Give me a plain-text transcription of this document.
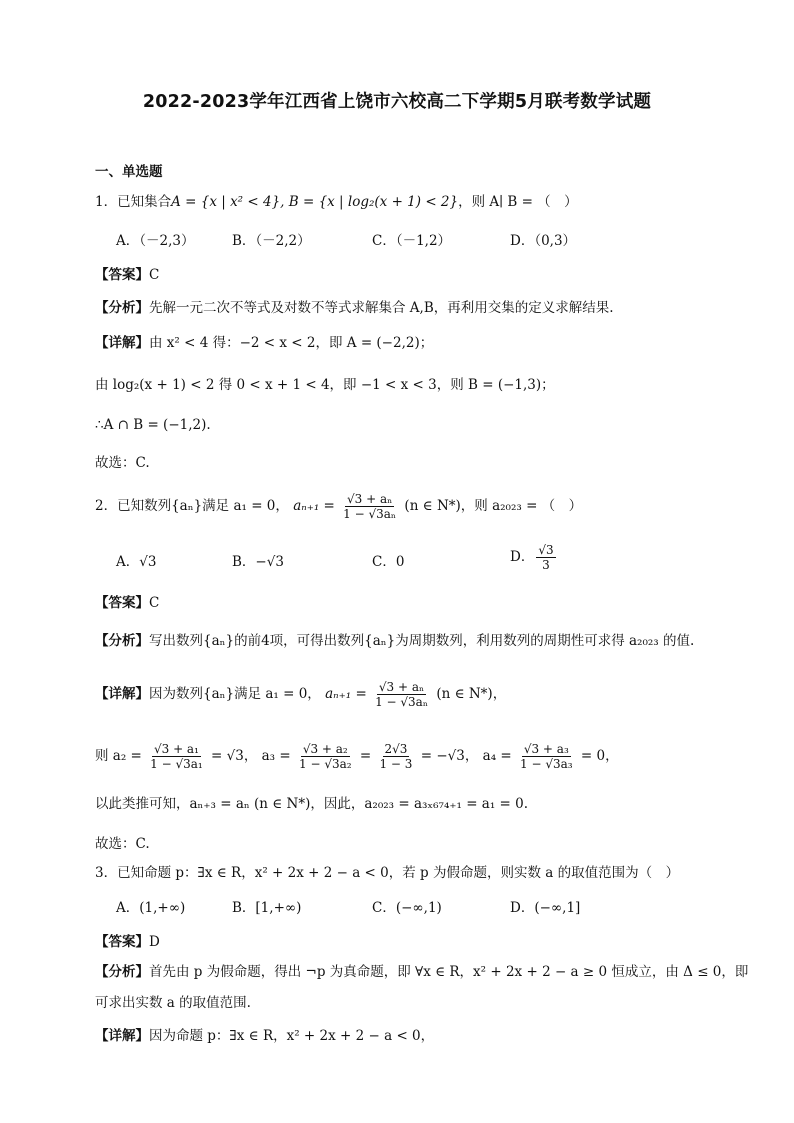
2022-2023学年江西省上饶市六校高二下学期5月联考数学试题
一、单选题
1．已知集合A = {x | x² < 4}, B = {x | log₂(x + 1) < 2}，则 A∣ B = （　）
A．（－2,3）	B．（－2,2）	C．（－1,2）	D．（0,3）
【答案】C
【分析】先解一元二次不等式及对数不等式求解集合 A,B，再利用交集的定义求解结果.
【详解】由 x² < 4 得：−2 < x < 2，即 A = (−2,2)；
由 log₂(x + 1) < 2 得 0 < x + 1 < 4，即 −1 < x < 3，则 B = (−1,3)；
∴A ∩ B = (−1,2).
故选：C.
2．已知数列{aₙ}满足 a₁ = 0， $a_{n+1} = \frac{\text{√3 + aₙ}}{\text{1 − √3aₙ}} (n$ ∈ N*)，则 a₂₀₂₃ = （　）
A．√3	B．−√3	C．0	D． $\frac{√3}{3}$
【答案】C
【分析】写出数列{aₙ}的前4项，可得出数列{aₙ}为周期数列，利用数列的周期性可求得 a₂₀₂₃ 的值.
【详解】因为数列{aₙ}满足 a₁ = 0， $a_{n+1} = \frac{\text{√3 + aₙ}}{\text{1 − √3aₙ}} (n$ ∈ N*)，
则 $a_2 = \frac{\text{√3 + a₁}}{\text{1 − √3a₁}} = √3$， $a_3 = \frac{\text{√3 + a₂}}{\text{1 − √3a₂}} = \frac{2√3}{1 - 3} = -√3$， $a_4 = \frac{\text{√3 + a₃}}{\text{1 − √3a₃}} = 0$，
以此类推可知，aₙ₊₃ = aₙ (n ∈ N*)，因此，a₂₀₂₃ = a₃ₓ₆₇₄₊₁ = a₁ = 0.
故选：C.
3．已知命题 p：∃x ∈ R，x² + 2x + 2 − a < 0，若 p 为假命题，则实数 a 的取值范围为（　）
A．(1,+∞)	B．[1,+∞)	C．(−∞,1)	D．(−∞,1]
【答案】D
【分析】首先由 p 为假命题，得出 ¬p 为真命题，即 ∀x ∈ R，x² + 2x + 2 − a ≥ 0 恒成立，由 Δ ≤ 0，即
可求出实数 a 的取值范围.
【详解】因为命题 p：∃x ∈ R，x² + 2x + 2 − a < 0，
